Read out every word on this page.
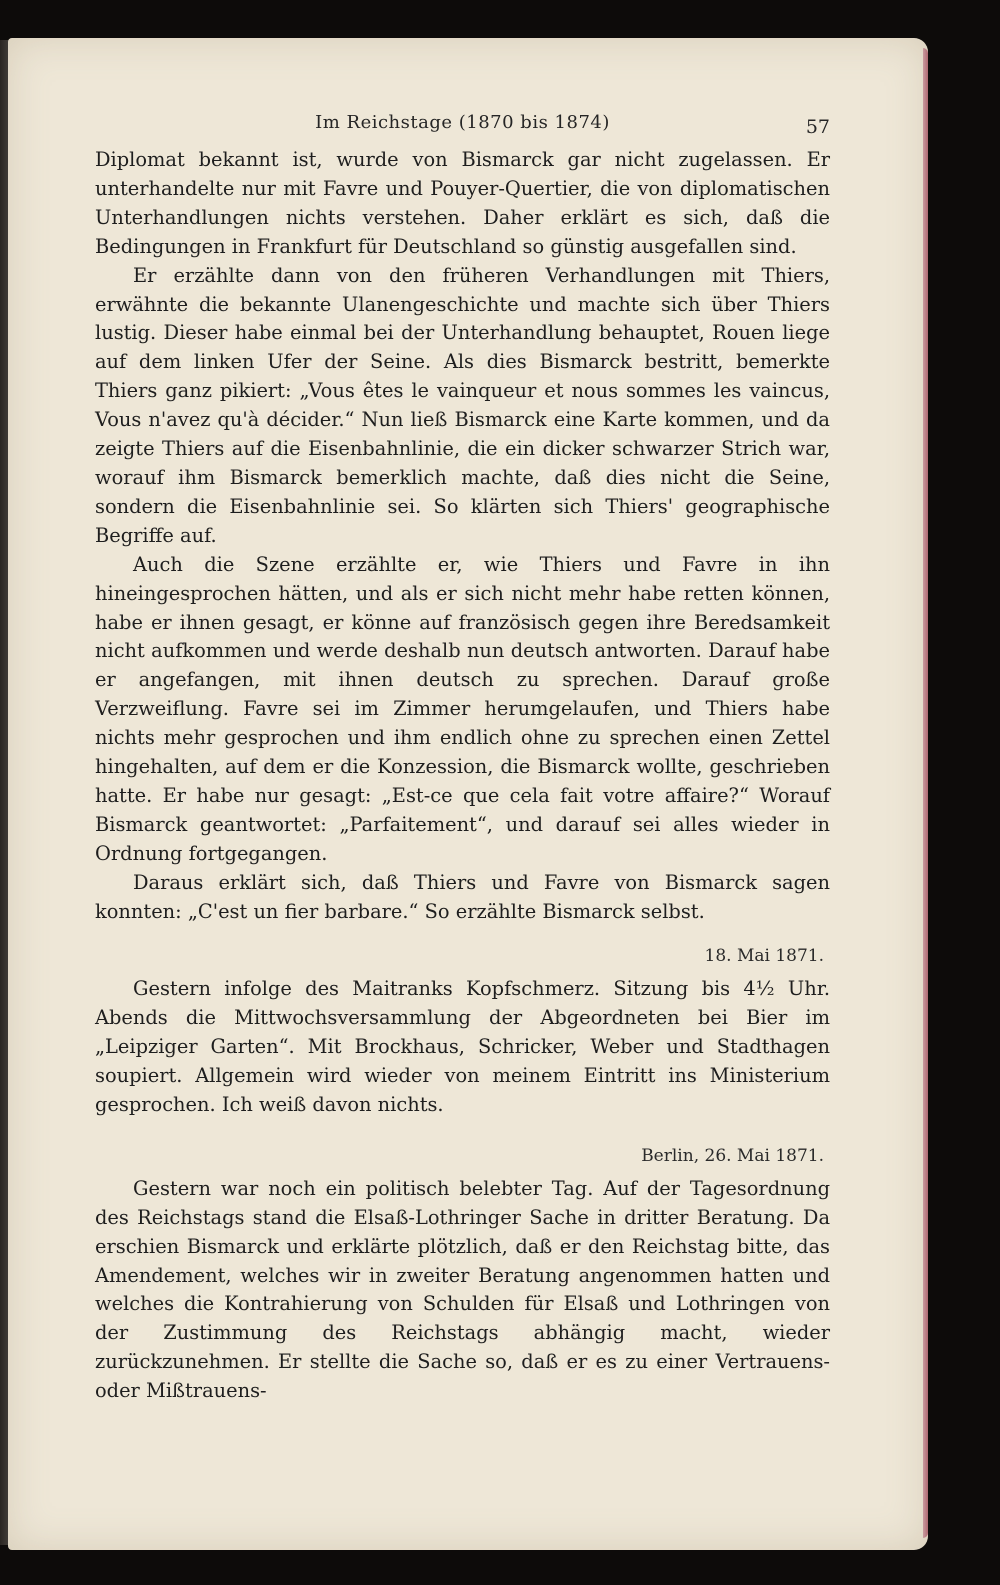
Im Reichstage (1870 bis 1874)	57

Diplomat bekannt ist, wurde von Bismarck gar nicht zugelassen. Er unterhandelte nur mit Favre und Pouyer-Quertier, die von diplomatischen Unterhandlungen nichts verstehen. Daher erklärt es sich, daß die Bedingungen in Frankfurt für Deutschland so günstig ausgefallen sind.

Er erzählte dann von den früheren Verhandlungen mit Thiers, erwähnte die bekannte Ulanengeschichte und machte sich über Thiers lustig. Dieser habe einmal bei der Unterhandlung behauptet, Rouen liege auf dem linken Ufer der Seine. Als dies Bismarck bestritt, bemerkte Thiers ganz pikiert: „Vous êtes le vainqueur et nous sommes les vaincus, Vous n'avez qu'à décider.“ Nun ließ Bismarck eine Karte kommen, und da zeigte Thiers auf die Eisenbahnlinie, die ein dicker schwarzer Strich war, worauf ihm Bismarck bemerklich machte, daß dies nicht die Seine, sondern die Eisenbahnlinie sei. So klärten sich Thiers' geographische Begriffe auf.

Auch die Szene erzählte er, wie Thiers und Favre in ihn hineingesprochen hätten, und als er sich nicht mehr habe retten können, habe er ihnen gesagt, er könne auf französisch gegen ihre Beredsamkeit nicht aufkommen und werde deshalb nun deutsch antworten. Darauf habe er angefangen, mit ihnen deutsch zu sprechen. Darauf große Verzweiflung. Favre sei im Zimmer herumgelaufen, und Thiers habe nichts mehr gesprochen und ihm endlich ohne zu sprechen einen Zettel hingehalten, auf dem er die Konzession, die Bismarck wollte, geschrieben hatte. Er habe nur gesagt: „Est-ce que cela fait votre affaire?“ Worauf Bismarck geantwortet: „Parfaitement“, und darauf sei alles wieder in Ordnung fortgegangen.

Daraus erklärt sich, daß Thiers und Favre von Bismarck sagen konnten: „C'est un fier barbare.“ So erzählte Bismarck selbst.

18. Mai 1871.

Gestern infolge des Maitranks Kopfschmerz. Sitzung bis 4½ Uhr. Abends die Mittwochsversammlung der Abgeordneten bei Bier im „Leipziger Garten“. Mit Brockhaus, Schricker, Weber und Stadthagen soupiert. Allgemein wird wieder von meinem Eintritt ins Ministerium gesprochen. Ich weiß davon nichts.

Berlin, 26. Mai 1871.

Gestern war noch ein politisch belebter Tag. Auf der Tagesordnung des Reichstags stand die Elsaß-Lothringer Sache in dritter Beratung. Da erschien Bismarck und erklärte plötzlich, daß er den Reichstag bitte, das Amendement, welches wir in zweiter Beratung angenommen hatten und welches die Kontrahierung von Schulden für Elsaß und Lothringen von der Zustimmung des Reichstags abhängig macht, wieder zurückzunehmen. Er stellte die Sache so, daß er es zu einer Vertrauens- oder Mißtrauens-
